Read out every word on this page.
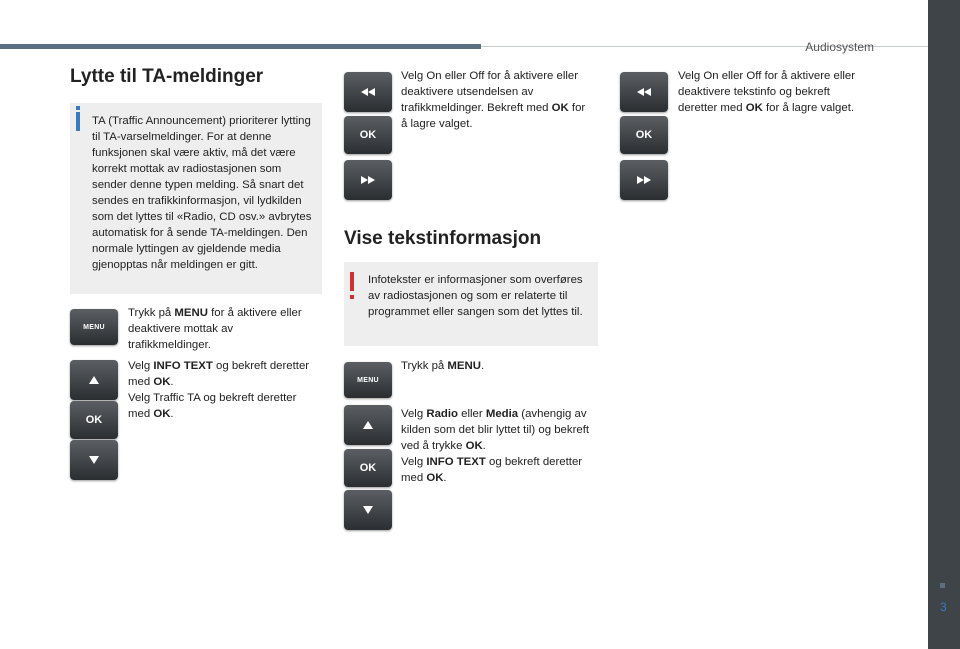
Audiosystem
3
Lytte til TA-meldinger
TA (Traffic Announcement) prioriterer lytting til TA-varselmeldinger. For at denne funksjonen skal være aktiv, må det være korrekt mottak av radiostasjonen som sender denne typen melding. Så snart det sendes en trafikkinformasjon, vil lydkilden som det lyttes til «Radio, CD osv.» avbrytes automatisk for å sende TA-meldingen. Den normale lyttingen av gjeldende media gjenopptas når meldingen er gitt.
MENU
Trykk på MENU for å aktivere eller deaktivere mottak av trafikkmeldinger.
OK
Velg INFO TEXT og bekreft deretter med OK.
Velg Traffic TA og bekreft deretter med OK.
OK
Velg On eller Off for å aktivere eller deaktivere utsendelsen av trafikkmeldinger. Bekreft med OK for å lagre valget.
Vise tekstinformasjon
Infotekster er informasjoner som overføres av radiostasjonen og som er relaterte til programmet eller sangen som det lyttes til.
MENU
Trykk på MENU.
OK
Velg Radio eller Media (avhengig av kilden som det blir lyttet til) og bekreft ved å trykke OK.
Velg INFO TEXT og bekreft deretter med OK.
OK
Velg On eller Off for å aktivere eller deaktivere tekstinfo og bekreft deretter med OK for å lagre valget.
